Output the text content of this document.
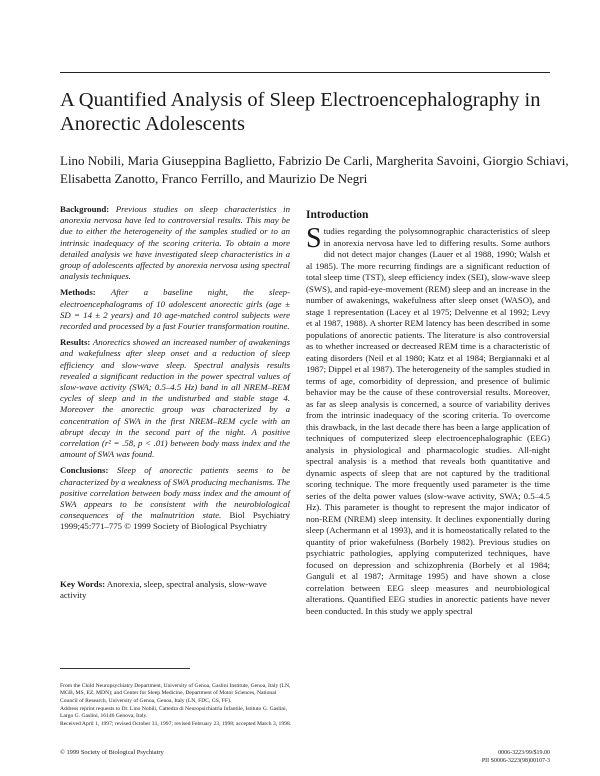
A Quantified Analysis of Sleep Electroencephalography in Anorectic Adolescents

Lino Nobili, Maria Giuseppina Baglietto, Fabrizio De Carli, Margherita Savoini, Giorgio Schiavi, Elisabetta Zanotto, Franco Ferrillo, and Maurizio De Negri

Background: Previous studies on sleep characteristics in anorexia nervosa have led to controversial results. This may be due to either the heterogeneity of the samples studied or to an intrinsic inadequacy of the scoring criteria. To obtain a more detailed analysis we have investigated sleep characteristics in a group of adolescents affected by anorexia nervosa using spectral analysis techniques.

Methods: After a baseline night, the sleep-electroencephalograms of 10 adolescent anorectic girls (age ± SD = 14 ± 2 years) and 10 age-matched control subjects were recorded and processed by a fast Fourier transformation routine.

Results: Anorectics showed an increased number of awakenings and wakefulness after sleep onset and a reduction of sleep efficiency and slow-wave sleep. Spectral analysis results revealed a significant reduction in the power spectral values of slow-wave activity (SWA; 0.5–4.5 Hz) band in all NREM–REM cycles of sleep and in the undisturbed and stable stage 4. Moreover the anorectic group was characterized by a concentration of SWA in the first NREM–REM cycle with an abrupt decay in the second part of the night. A positive correlation (r² = .58, p < .01) between body mass index and the amount of SWA was found.

Conclusions: Sleep of anorectic patients seems to be characterized by a weakness of SWA producing mechanisms. The positive correlation between body mass index and the amount of SWA appears to be consistent with the neurobiological consequences of the malnutrition state. Biol Psychiatry 1999;45:771–775 © 1999 Society of Biological Psychiatry

Key Words: Anorexia, sleep, spectral analysis, slow-wave activity

From the Child Neuropsychiatry Department, University of Genoa, Gaslini Institute, Genoa, Italy (LN, MGB, MS, EZ, MDN); and Center for Sleep Medicine, Department of Motor Sciences, National Council of Research, University of Genoa, Genoa, Italy (LN, FDC, GS, FF).

Address reprint requests to Dr. Lino Nobili, Cattedra di Neuropsichiatria Infantile, Istituto G. Gaslini, Largo G. Gaslini, 16146 Genova, Italy.

Received April 1, 1997; revised October 31, 1997; revised February 23, 1998; accepted March 3, 1998.

Introduction

Studies regarding the polysomnographic characteristics of sleep in anorexia nervosa have led to differing results. Some authors did not detect major changes (Lauer et al 1988, 1990; Walsh et al 1985). The more recurring findings are a significant reduction of total sleep time (TST), sleep efficiency index (SEI), slow-wave sleep (SWS), and rapid-eye-movement (REM) sleep and an increase in the number of awakenings, wakefulness after sleep onset (WASO), and stage 1 representation (Lacey et al 1975; Delvenne et al 1992; Levy et al 1987, 1988). A shorter REM latency has been described in some populations of anorectic patients. The literature is also controversial as to whether increased or decreased REM time is a characteristic of eating disorders (Neil et al 1980; Katz et al 1984; Bergiannaki et al 1987; Dippel et al 1987). The heterogeneity of the samples studied in terms of age, comorbidity of depression, and presence of bulimic behavior may be the cause of these controversial results. Moreover, as far as sleep analysis is concerned, a source of variability derives from the intrinsic inadequacy of the scoring criteria. To overcome this drawback, in the last decade there has been a large application of techniques of computerized sleep electroencephalographic (EEG) analysis in physiological and pharmacologic studies. All-night spectral analysis is a method that reveals both quantitative and dynamic aspects of sleep that are not captured by the traditional scoring technique. The more frequently used parameter is the time series of the delta power values (slow-wave activity, SWA; 0.5–4.5 Hz). This parameter is thought to represent the major indicator of non-REM (NREM) sleep intensity. It declines exponentially during sleep (Achermann et al 1993), and it is homeostatically related to the quantity of prior wakefulness (Borbely 1982). Previous studies on psychiatric pathologies, applying computerized techniques, have focused on depression and schizophrenia (Borbely et al 1984; Ganguli et al 1987; Armitage 1995) and have shown a close correlation between EEG sleep measures and neurobiological alterations. Quantified EEG studies in anorectic patients have never been conducted. In this study we apply spectral

© 1999 Society of Biological Psychiatry	0006-3223/99/$19.00
PII S0006-3223(98)00107-3
